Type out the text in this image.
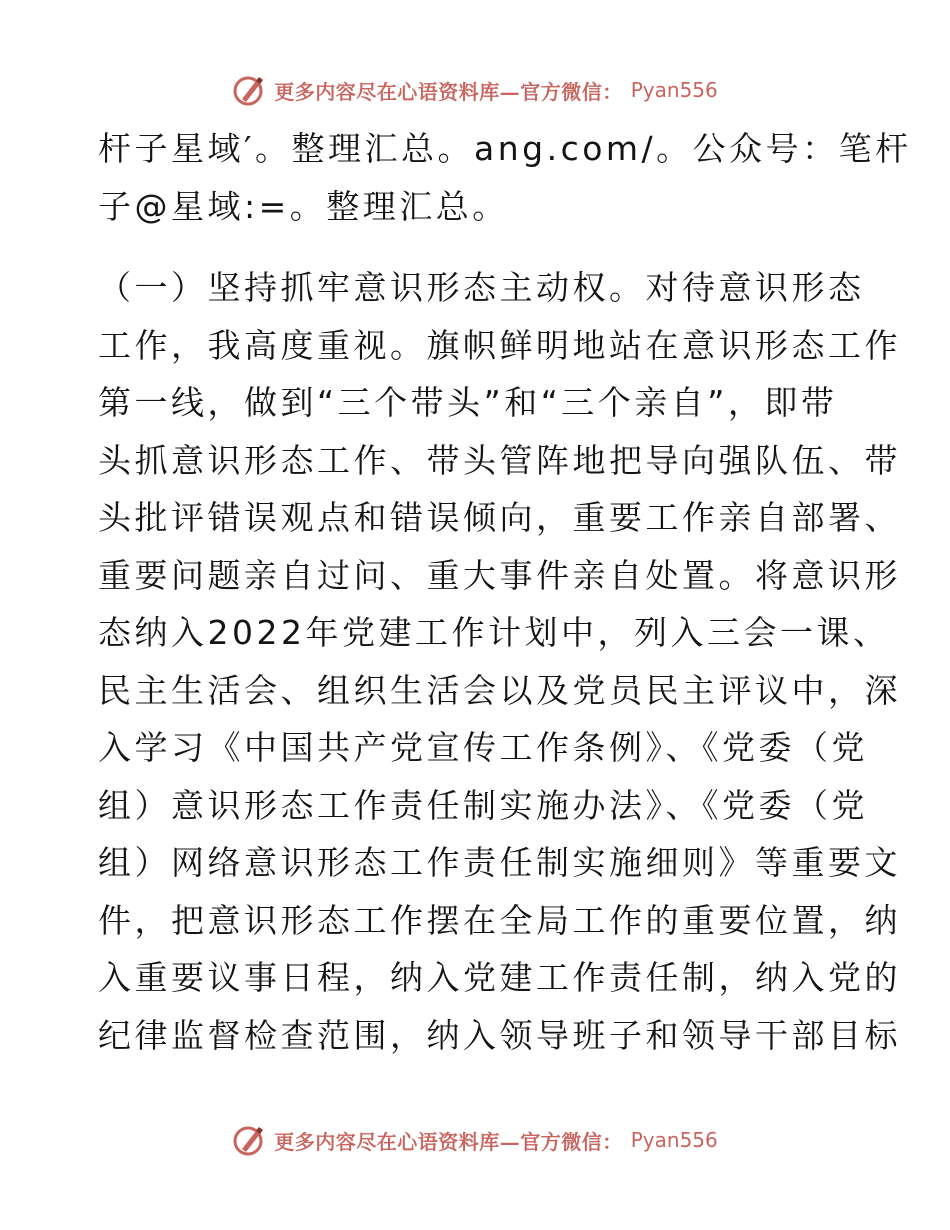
更多内容尽在心语资料库—官方微信： Pyan556
杆子星域′。整理汇总。ang.com/。公众号：笔杆
子@星域:=。整理汇总。
（一）坚持抓牢意识形态主动权。对待意识形态
工作，我高度重视。旗帜鲜明地站在意识形态工作
第一线，做到“三个带头”和“三个亲自”，即带
头抓意识形态工作、带头管阵地把导向强队伍、带
头批评错误观点和错误倾向，重要工作亲自部署、
重要问题亲自过问、重大事件亲自处置。将意识形
态纳入2022年党建工作计划中，列入三会一课、
民主生活会、组织生活会以及党员民主评议中，深
入学习《中国共产党宣传工作条例》、《党委（党
组）意识形态工作责任制实施办法》、《党委（党
组）网络意识形态工作责任制实施细则》等重要文
件，把意识形态工作摆在全局工作的重要位置，纳
入重要议事日程，纳入党建工作责任制，纳入党的
纪律监督检查范围，纳入领导班子和领导干部目标
更多内容尽在心语资料库—官方微信： Pyan556
